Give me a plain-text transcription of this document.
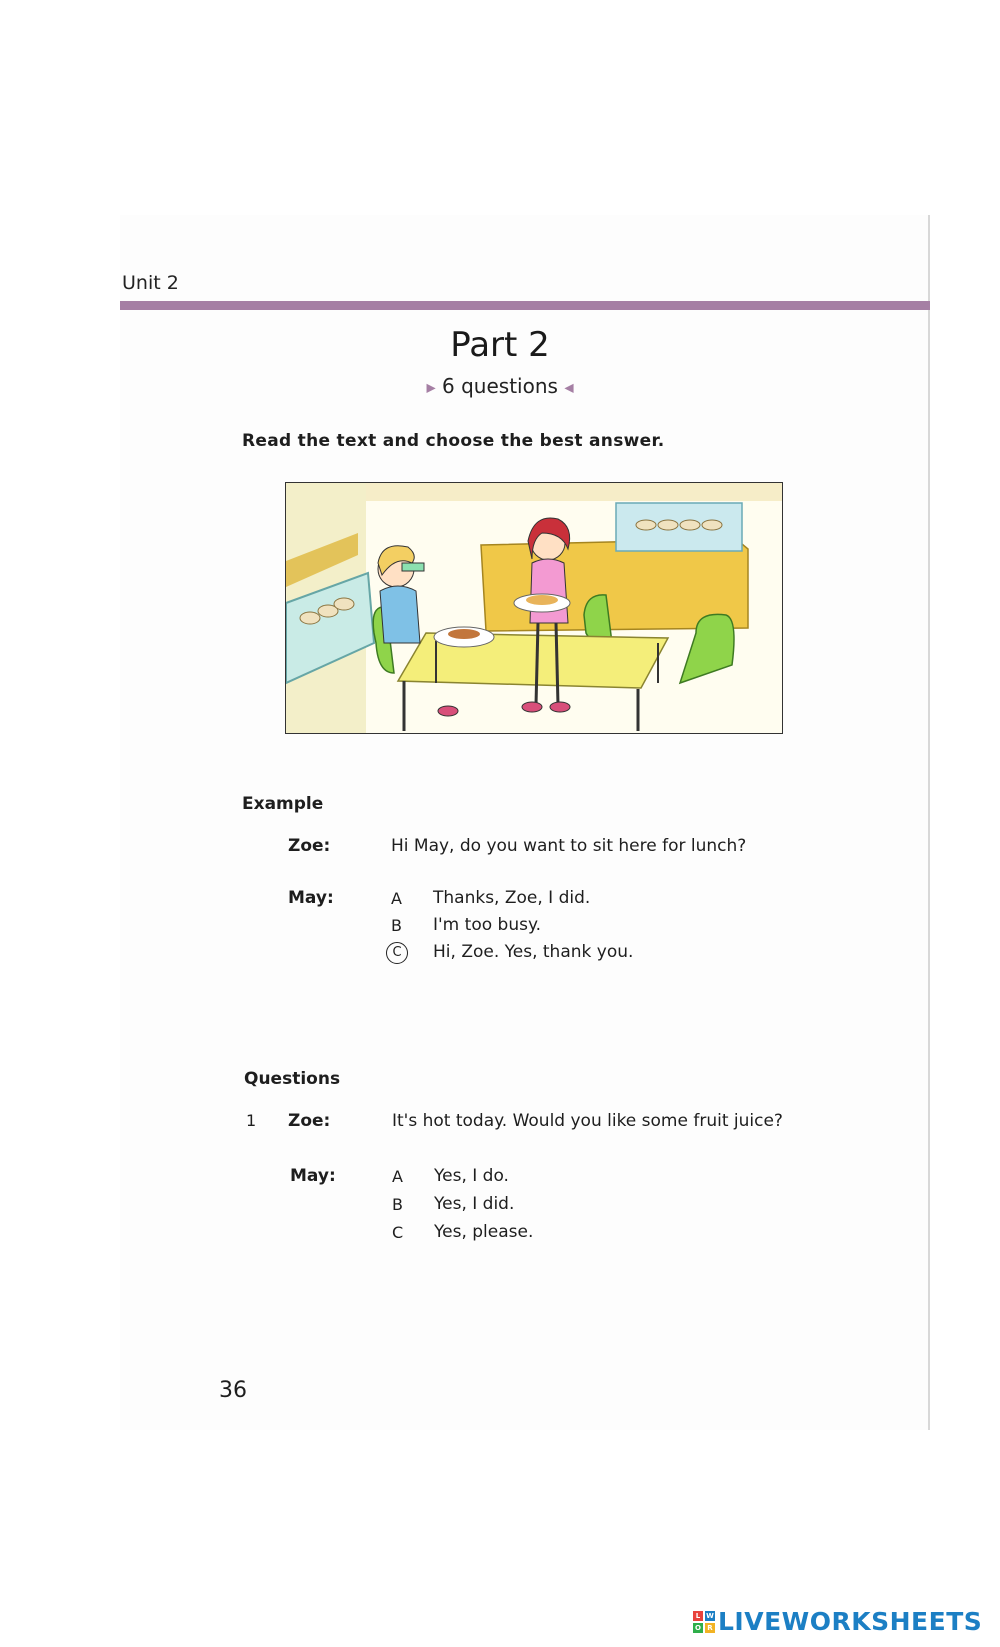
Unit 2
Part 2
▶ 6 questions ◀
Read the text and choose the best answer.
Example
Zoe:	Hi May, do you want to sit here for lunch?
May:	A Thanks, Zoe, I did.
B I'm too busy.
C	Hi, Zoe. Yes, thank you.
Questions
1 Zoe:	It's hot today. Would you like some fruit juice?
May:	A Yes, I do.
B Yes, I did.
C Yes, please.
36
L W
O R LIVEWORKSHEETS
